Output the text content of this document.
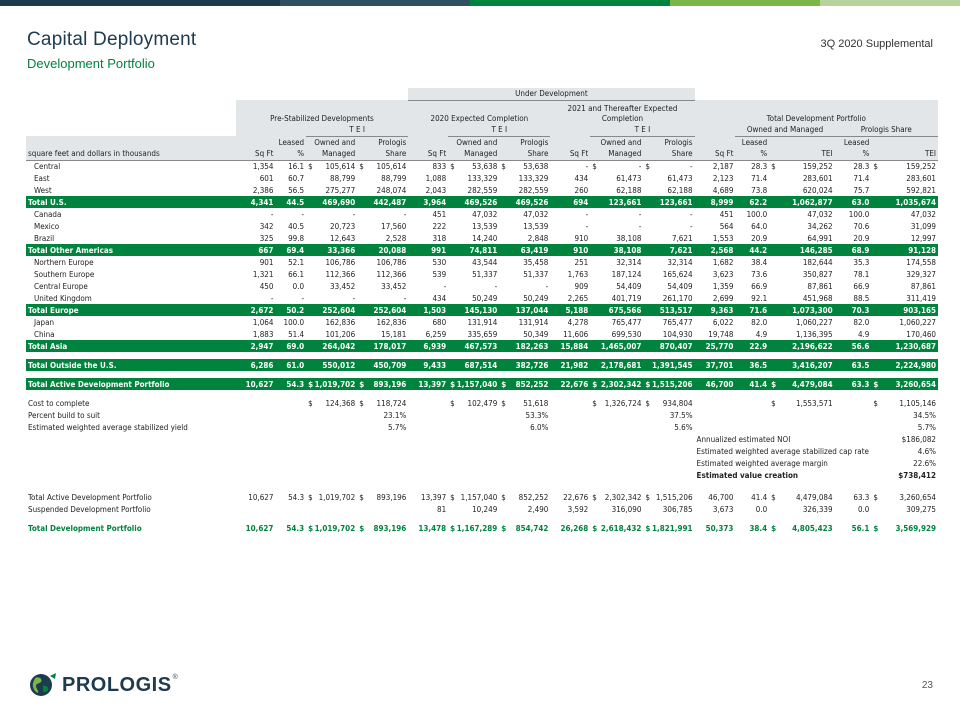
Capital Deployment
Development Portfolio
3Q 2020 Supplemental
					Under Development										
	Pre-Stabilized Developments				2020 Expected Completion			2021 and Thereafter Expected Completion			Total Development Portfolio				
			T E I			T E I			T E I			Owned and Managed		Prologis Share	
		Leased	Owned and	Prologis		Owned and	Prologis		Owned and	Prologis		Leased		Leased	
square feet and dollars in thousands	Sq Ft	%	Managed	Share	Sq Ft	Managed	Share	Sq Ft	Managed	Share	Sq Ft	%	TEI	%	TEI
Central	1,354	16.1	$ 105,614	$ 105,614	833	$ 53,638	$ 53,638	-	$ -	$ -	2,187	28.3	$ 159,252	28.3	$ 159,252
East	601	60.7	88,799	88,799	1,088	133,329	133,329	434	61,473	61,473	2,123	71.4	283,601	71.4	283,601
West	2,386	56.5	275,277	248,074	2,043	282,559	282,559	260	62,188	62,188	4,689	73.8	620,024	75.7	592,821
Total U.S.	4,341	44.5	469,690	442,487	3,964	469,526	469,526	694	123,661	123,661	8,999	62.2	1,062,877	63.0	1,035,674
Canada	-	-	-	-	451	47,032	47,032	-	-	-	451	100.0	47,032	100.0	47,032
Mexico	342	40.5	20,723	17,560	222	13,539	13,539	-	-	-	564	64.0	34,262	70.6	31,099
Brazil	325	99.8	12,643	2,528	318	14,240	2,848	910	38,108	7,621	1,553	20.9	64,991	20.9	12,997
Total Other Americas	667	69.4	33,366	20,088	991	74,811	63,419	910	38,108	7,621	2,568	44.2	146,285	68.9	91,128
Northern Europe	901	52.1	106,786	106,786	530	43,544	35,458	251	32,314	32,314	1,682	38.4	182,644	35.3	174,558
Southern Europe	1,321	66.1	112,366	112,366	539	51,337	51,337	1,763	187,124	165,624	3,623	73.6	350,827	78.1	329,327
Central Europe	450	0.0	33,452	33,452	-	-	-	909	54,409	54,409	1,359	66.9	87,861	66.9	87,861
United Kingdom	-	-	-	-	434	50,249	50,249	2,265	401,719	261,170	2,699	92.1	451,968	88.5	311,419
Total Europe	2,672	50.2	252,604	252,604	1,503	145,130	137,044	5,188	675,566	513,517	9,363	71.6	1,073,300	70.3	903,165
Japan	1,064	100.0	162,836	162,836	680	131,914	131,914	4,278	765,477	765,477	6,022	82.0	1,060,227	82.0	1,060,227
China	1,883	51.4	101,206	15,181	6,259	335,659	50,349	11,606	699,530	104,930	19,748	4.9	1,136,395	4.9	170,460
Total Asia	2,947	69.0	264,042	178,017	6,939	467,573	182,263	15,884	1,465,007	870,407	25,770	22.9	2,196,622	56.6	1,230,687

Total Outside the U.S.	6,286	61.0	550,012	450,709	9,433	687,514	382,726	21,982	2,178,681	1,391,545	37,701	36.5	3,416,207	63.5	2,224,980

Total Active Development Portfolio	10,627	54.3	$ 1,019,702	$ 893,196	13,397	$ 1,157,040	$ 852,252	22,676	$ 2,302,342	$ 1,515,206	46,700	41.4	$ 4,479,084	63.3	$ 3,260,654

Cost to complete			$ 124,368	$ 118,724		$ 102,479	$ 51,618		$ 1,326,724	$ 934,804			$ 1,553,571		$ 1,105,146
Percent build to suit				23.1%			53.3%			37.5%					34.5%
Estimated weighted average stabilized yield				5.7%			6.0%			5.6%					5.7%
											Annualized estimated NOI				$186,082
											Estimated weighted average stabilized cap rate				4.6%
											Estimated weighted average margin				22.6%
											Estimated value creation				$738,412

Total Active Development Portfolio	10,627	54.3	$ 1,019,702	$ 893,196	13,397	$ 1,157,040	$ 852,252	22,676	$ 2,302,342	$ 1,515,206	46,700	41.4	$ 4,479,084	63.3	$ 3,260,654
Suspended Development Portfolio					81	10,249	2,490	3,592	316,090	306,785	3,673	0.0	326,339	0.0	309,275

Total Development Portfolio	10,627	54.3	$ 1,019,702	$ 893,196	13,478	$ 1,167,289	$ 854,742	26,268	$ 2,618,432	$ 1,821,991	50,373	38.4	$ 4,805,423	56.1	$ 3,569,929
PROLOGIS ®
23
